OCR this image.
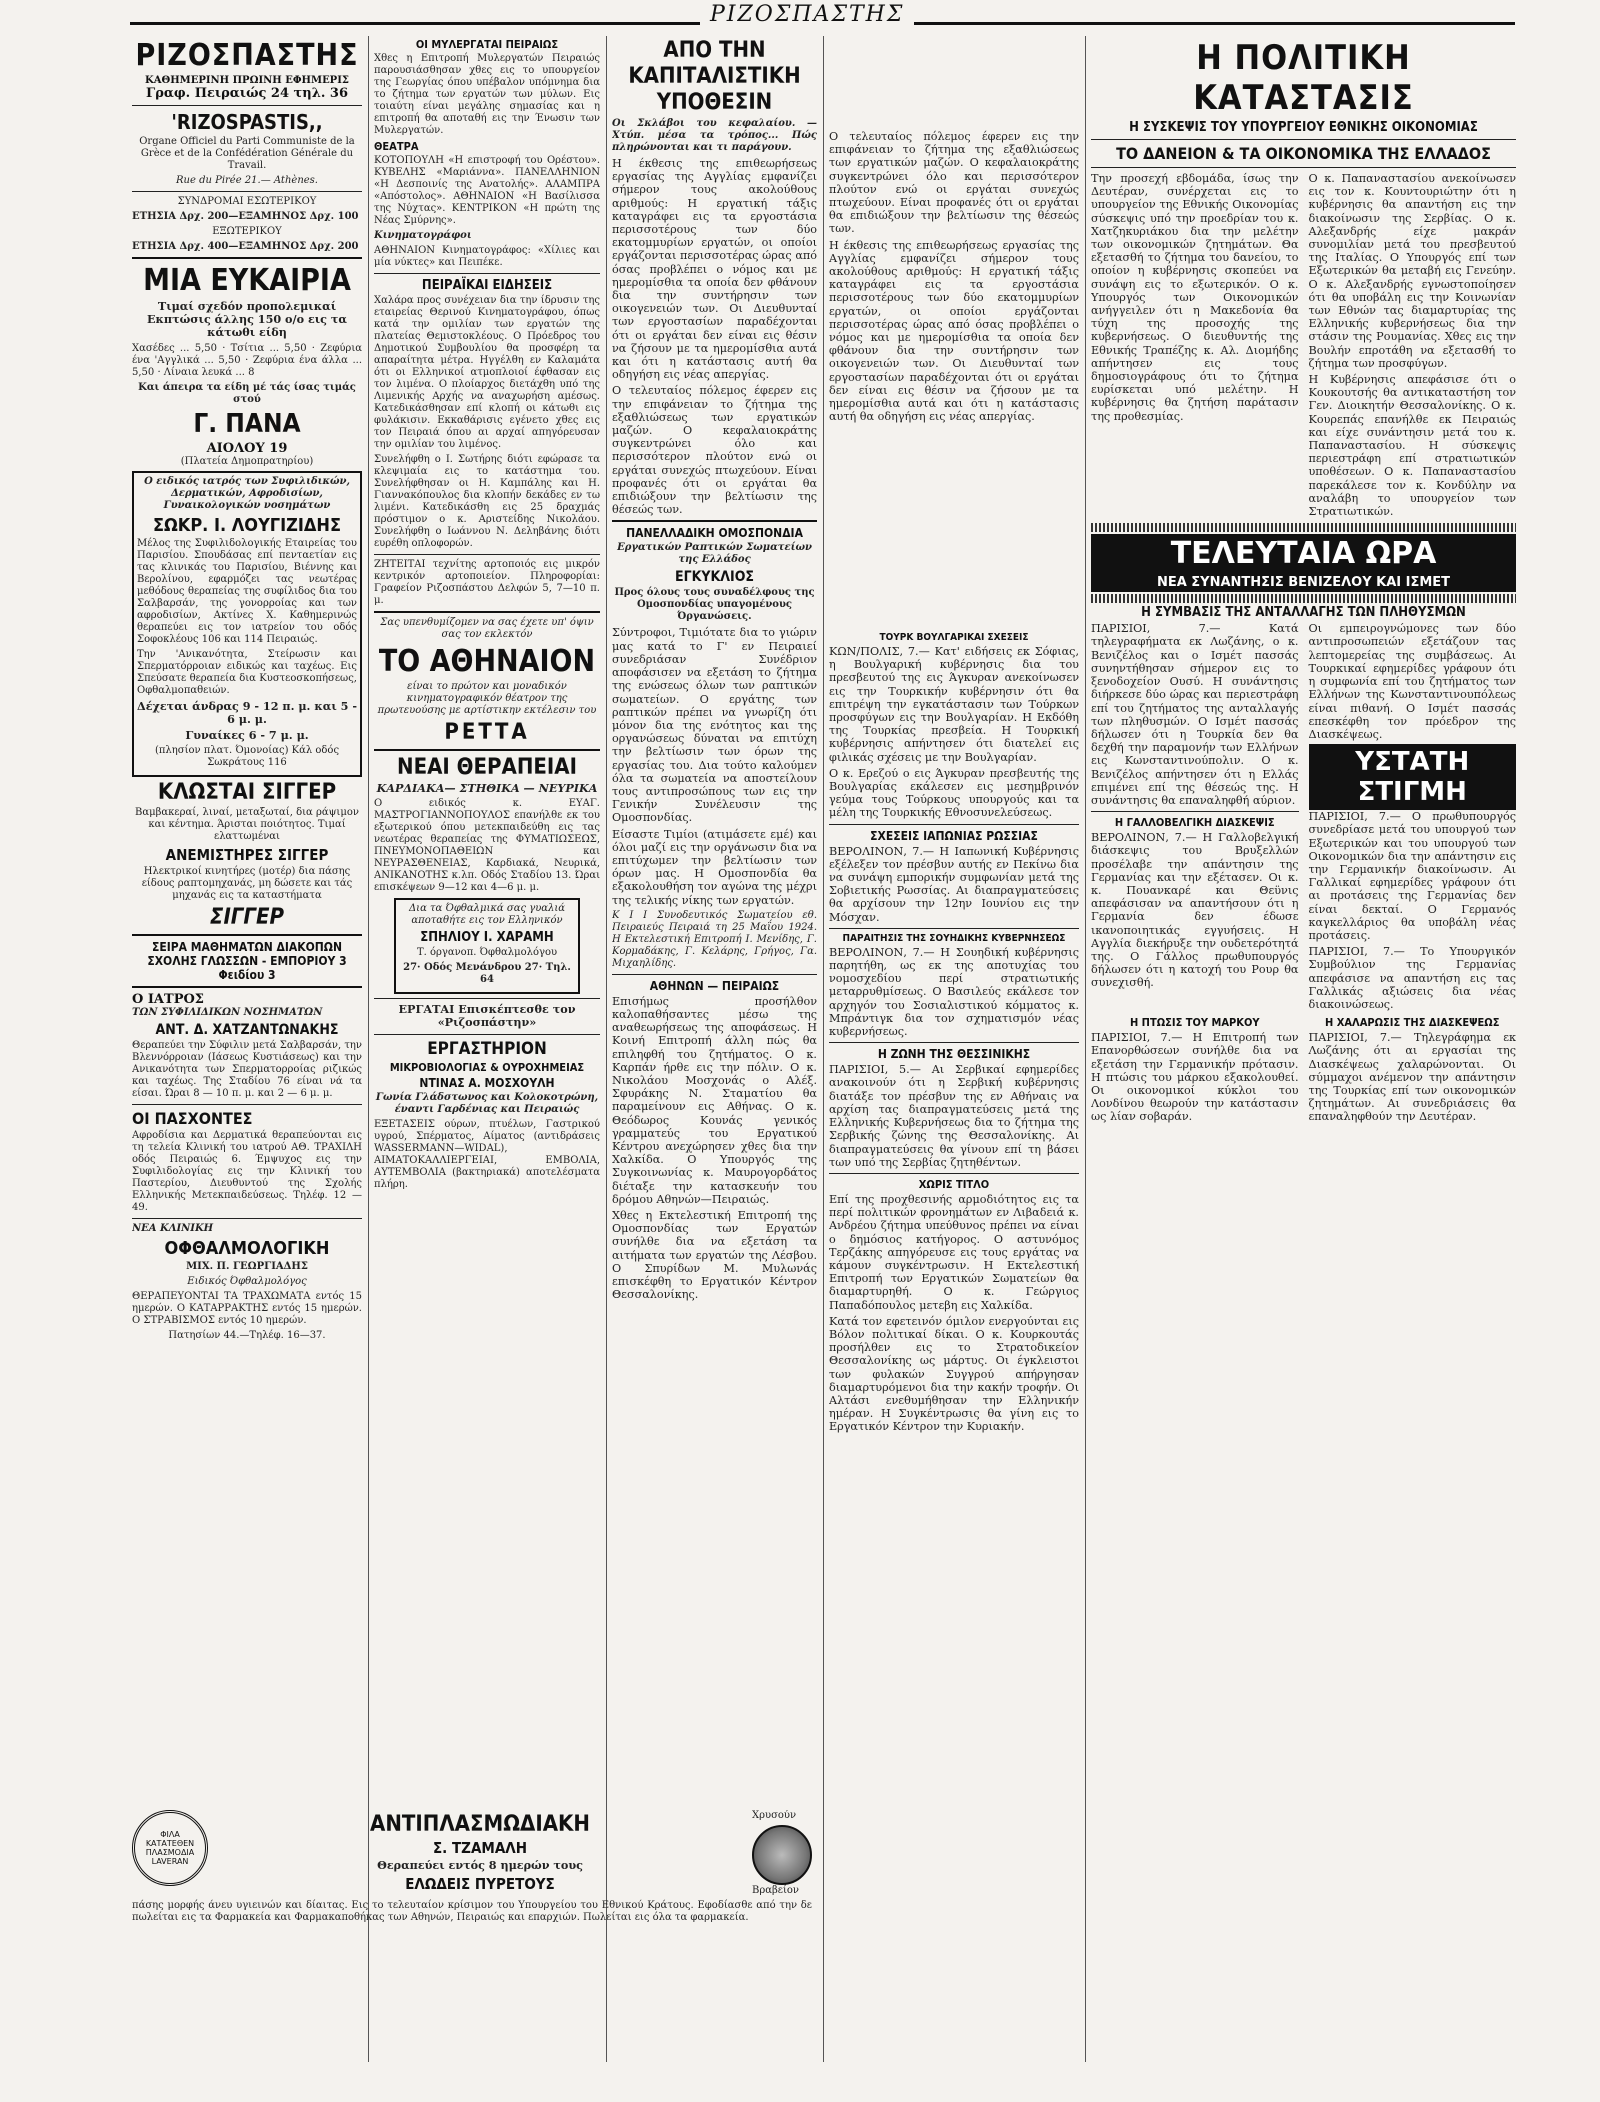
ΡΙΖΟΣΠΑΣΤΗΣ
ΡΙΖΟΣΠΑΣΤΗΣ
ΚΑΘΗΜΕΡΙΝΗ ΠΡΩΙΝΗ ΕΦΗΜΕΡΙΣ
Γραφ. Πειραιώς 24 τηλ. 36
'RIZOSPASTIS,,
Organe Officiel du Parti Communiste de la Grèce et de la Confédération Générale du Travail.
Rue du Pirée 21.— Athènes.
ΣΥΝΔΡΟΜΑΙ ΕΣΩΤΕΡΙΚΟΥ
ΕΤΗΣΙΑ Δρχ. 200—ΕΞΑΜΗΝΟΣ Δρχ. 100
ΕΞΩΤΕΡΙΚΟΥ
ΕΤΗΣΙΑ Δρχ. 400—ΕΞΑΜΗΝΟΣ Δρχ. 200
ΜΙΑ ΕΥΚΑΙΡΙΑ
Τιμαί σχεδόν προπολεμικαί Εκπτώσις άλλης 150 ο/ο εις τα κάτωθι είδη
Χασέδες ... 5,50 · Τσίτια ... 5,50 · Ζεφύρια ένα 'Αγγλικά ... 5,50 · Ζεφύρια ένα άλλα ... 5,50 · Λίναια λευκά ... 8
Και άπειρα τα είδη μέ τάς ίσας τιμάς στού
Γ. ΠΑΝΑ
ΑΙΟΛΟΥ 19
(Πλατεία Δημοπρατηρίου)
Ο ειδικός ιατρός των Συφιλιδικών, Δερματικών, Αφροδισίων, Γυναικολογικών νοσημάτων
ΣΩΚΡ. Ι. ΛΟΥΓΙΖΙΔΗΣ
Μέλος της Συφιλιδολογικής Εταιρείας του Παρισίου. Σπουδάσας επί πενταετίαν εις τας κλινικάς του Παρισίου, Βιέννης και Βερολίνου, εφαρμόζει τας νεωτέρας μεθόδους θεραπείας της συφίλιδος δια του Σαλβαρσάν, της γονορροίας και των αφροδισίων, Ακτίνες Χ. Καθημερινώς θεραπεύει εις τον ιατρείον του οδός Σοφοκλέους 106 και 114 Πειραιώς.
Την 'Ανικανότητα, Στείρωσιν και Σπερματόρροιαν ειδικώς και ταχέως. Εις Σπεύσατε θεραπεία δια Κυστεοσκοπήσεως, Οφθαλμοπαθειών.
Δέχεται άνδρας 9 - 12 π. μ. και 5 - 6 μ. μ.
Γυναίκες 6 - 7 μ. μ.
(πλησίον πλατ. Όμονοίας) Κάλ οδός Σωκράτους 116
ΚΛΩΣΤΑΙ ΣΙΓΓΕΡ
Βαμβακεραί, λιναί, μεταξωταί, δια ράψιμον και κέντημα. Άρισται ποιότητος. Τιμαί ελαττωμέναι
ΑΝΕΜΙΣΤΗΡΕΣ ΣΙΓΓΕΡ
Ηλεκτρικοί κινητήρες (μοτέρ) δια πάσης είδους ραπτομηχανάς, μη δώσετε και τάς μηχανάς εις τα καταστήματα
ΣΙΓΓΕΡ
ΣΕΙΡΑ ΜΑΘΗΜΑΤΩΝ ΔΙΑΚΟΠΩΝ ΣΧΟΛΗΣ ΓΛΩΣΣΩΝ - ΕΜΠΟΡΙΟΥ 3 Φειδίου 3
Ο ΙΑΤΡΟΣ
ΤΩΝ ΣΥΦΙΛΙΔΙΚΩΝ ΝΟΣΗΜΑΤΩΝ
ΑΝΤ. Δ. ΧΑΤΖΑΝΤΩΝΑΚΗΣ
Θεραπεύει την Σύφιλιν μετά Σαλβαρσάν, την Βλεννόρροιαν (Ιάσεως Κυστιάσεως) και την Ανικανότητα των Σπερματορροίας ριζικώς και ταχέως. Της Σταδίου 76 είναι νά τα είσαι. Ώραι 8 — 10 π. μ. και 2 — 6 μ. μ.
ΟΙ ΠΑΣΧΟΝΤΕΣ
Αφροδίσια και Δερματικά θεραπεύονται εις τη τελεία Κλινική του ιατρού ΑΘ. ΤΡΑΧΙΛΗ οδός Πειραιώς 6. Έμψυχος εις την Συφιλιδολογίας εις την Κλινική του Παστερίου, Διευθυντού της Σχολής Ελληνικής Μετεκπαιδεύσεως. Τηλέφ. 12 — 49.
ΝΕΑ ΚΛΙΝΙΚΗ
ΟΦΘΑΛΜΟΛΟΓΙΚΗ
ΜΙΧ. Π. ΓΕΩΡΓΙΑΔΗΣ
Ειδικός Όφθαλμολόγος
ΘΕΡΑΠΕΥΟΝΤΑΙ ΤΑ ΤΡΑΧΩΜΑΤΑ εντός 15 ημερών. Ο ΚΑΤΑΡΡΑΚΤΗΣ εντός 15 ημερών. Ο ΣΤΡΑΒΙΣΜΟΣ εντός 10 ημερών.
Πατησίων 44.—Τηλέφ. 16—37.
ΟΙ ΜΥΛΕΡΓΑΤΑΙ ΠΕΙΡΑΙΩΣ
Χθες η Επιτροπή Μυλεργατών Πειραιώς παρουσιάσθησαν χθες εις το υπουργείον της Γεωργίας όπου υπέβαλον υπόμνημα δια το ζήτημα των εργατών των μύλων. Εις τοιαύτη είναι μεγάλης σημασίας και η επιτροπή θα αποταθή εις την Ένωσιν των Μυλεργατών.
ΘΕΑΤΡΑ
ΚΟΤΟΠΟΥΛΗ «Η επιστροφή του Ορέστου». ΚΥΒΕΛΗΣ «Μαριάννα». ΠΑΝΕΛΛΗΝΙΟΝ «Η Δεσποινίς της Ανατολής». ΑΛΑΜΠΡΑ «Απόστολος». ΑΘΗΝΑΙΟΝ «Η Βασίλισσα της Νύχτας». ΚΕΝΤΡΙΚΟΝ «Η πρώτη της Νέας Σμύρνης».
Κινηματογράφοι
ΑΘΗΝΑΙΟΝ Κινηματογράφος: «Χίλιες και μία νύκτες» και Πειπέκε.
ΠΕΙΡΑΪΚΑΙ ΕΙΔΗΣΕΙΣ
Χαλάρα προς συνέχειαν δια την ίδρυσιν της εταιρείας Θερινού Κινηματογράφου, όπως κατά την ομιλίαν των εργατών της πλατείας Θεμιστοκλέους. Ο Πρόεδρος του Δημοτικού Συμβουλίου θα προσφέρη τα απαραίτητα μέτρα. Ηγγέλθη εν Καλαμάτα ότι οι Ελληνικοί ατμοπλοιοί έφθασαν εις τον λιμένα. Ο πλοίαρχος διετάχθη υπό της Λιμενικής Αρχής να αναχωρήση αμέσως. Κατεδικάσθησαν επί κλοπή οι κάτωθι εις φυλάκισιν. Εκκαθάρισις εγένετο χθες εις τον Πειραιά όπου αι αρχαί απηγόρευσαν την ομιλίαν του λιμένος.
Συνελήφθη ο Ι. Σωτήρης διότι εφώρασε τα κλεψιμαία εις το κατάστημα του. Συνελήφθησαν οι Η. Καμπάλης και Η. Γιαννακόπουλος δια κλοπήν δεκάδες εν τω λιμένι. Κατεδικάσθη εις 25 δραχμάς πρόστιμον ο κ. Αριστείδης Νικολάου. Συνελήφθη ο Ιωάννου Ν. Δεληβάνης διότι ευρέθη οπλοφορών.
ΖΗΤΕΙΤΑΙ τεχνίτης αρτοποιός εις μικρόν κεντρικόν αρτοποιείον. Πληροφορίαι: Γραφείον Ριζοσπάστου Δελφών 5, 7—10 π. μ.
Σας υπενθυμίζομεν να σας έχετε υπ' όψιν σας τον εκλεκτόν
ΤΟ ΑΘΗΝΑΙΟΝ
είναι το πρώτον και μοναδικόν κινηματογραφικόν θέατρον της πρωτευούσης με αρτίστικην εκτέλεσιν του
ΡΕΤΤΑ
ΝΕΑΙ ΘΕΡΑΠΕΙΑΙ
ΚΑΡΔΙΑΚΑ— ΣΤΗΘΙΚΑ — ΝΕΥΡΙΚΑ
Ο ειδικός κ. ΕΥΑΓ. ΜΑΣΤΡΟΓΙΑΝΝΟΠΟΥΛΟΣ επανήλθε εκ του εξωτερικού όπου μετεκπαιδεύθη εις τας νεωτέρας θεραπείας της ΦΥΜΑΤΙΩΣΕΩΣ, ΠΝΕΥΜΟΝΟΠΑΘΕΙΩΝ και ΝΕΥΡΑΣΘΕΝΕΙΑΣ, Καρδιακά, Νευρικά, ΑΝΙΚΑΝΟΤΗΣ κ.λπ. Οδός Σταδίου 13. Ώραι επισκέψεων 9—12 και 4—6 μ. μ.
Δια τα Όφθαλμικά σας γυαλιά αποταθήτε εις τον Ελληνικόν
ΣΠΗΛΙΟΥ Ι. ΧΑΡΑΜΗ
Τ. όργανοπ. Όφθαλμολόγου
27· Οδός Μενάνδρου 27· Τηλ. 64
ΕΡΓΑΤΑΙ Επισκέπτεσθε τον «Ριζοσπάστην»
ΕΡΓΑΣΤΗΡΙΟΝ
ΜΙΚΡΟΒΙΟΛΟΓΙΑΣ & ΟΥΡΟΧΗΜΕΙΑΣ
ΝΤΙΝΑΣ Α. ΜΟΣΧΟΥΛΗ
Γωνία Γλάδστωνος και Κολοκοτρώνη, έναντι Γαρδένιας και Πειραιώς
ΕΞΕΤΑΣΕΙΣ ούρων, πτυέλων, Γαστρικού υγρού, Σπέρματος, Αίματος (αντιδράσεις WASSERMANN—WIDAL), ΑΙΜΑΤΟΚΑΛΛΙΕΡΓΕΙΑΙ, ΕΜΒΟΛΙΑ, ΑΥΤΕΜΒΟΛΙΑ (βακτηριακά) αποτελέσματα πλήρη.
ΑΠΟ ΤΗΝ ΚΑΠΙΤΑΛΙΣΤΙΚΗ ΥΠΟΘΕΣΙΝ
Οι Σκλάβοι του κεφαλαίου. — Χτύπ. μέσα τα τρόπος... Πώς πληρώνονται και τι παράγουν.
Η έκθεσις της επιθεωρήσεως εργασίας της Αγγλίας εμφανίζει σήμερον τους ακολούθους αριθμούς: Η εργατική τάξις καταγράφει εις τα εργοστάσια περισσοτέρους των δύο εκατομμυρίων εργατών, οι οποίοι εργάζονται περισσοτέρας ώρας από όσας προβλέπει ο νόμος και με ημερομίσθια τα οποία δεν φθάνουν δια την συντήρησιν των οικογενειών των. Οι Διευθυνταί των εργοστασίων παραδέχονται ότι οι εργάται δεν είναι εις θέσιν να ζήσουν με τα ημερομίσθια αυτά και ότι η κατάστασις αυτή θα οδηγήση εις νέας απεργίας.
Ο τελευταίος πόλεμος έφερεν εις την επιφάνειαν το ζήτημα της εξαθλιώσεως των εργατικών μαζών. Ο κεφαλαιοκράτης συγκεντρώνει όλο και περισσότερον πλούτον ενώ οι εργάται συνεχώς πτωχεύουν. Είναι προφανές ότι οι εργάται θα επιδιώξουν την βελτίωσιν της θέσεώς των.
ΠΑΝΕΛΛΑΔΙΚΗ ΟΜΟΣΠΟΝΔΙΑ
Εργατικών Ραπτικών Σωματείων της Ελλάδος
ΕΓΚΥΚΛΙΟΣ
Προς όλους τους συναδέλφους της Ομοσπονδίας υπαγομένους Όργανώσεις.
Σύντροφοι, Τιμιότατε δια το γιώριν μας κατά το Γ' εν Πειραιεί συνεδριάσαν Συνέδριον αποφάσισεν να εξετάση το ζήτημα της ενώσεως όλων των ραπτικών σωματείων. Ο εργάτης των ραπτικών πρέπει να γνωρίζη ότι μόνον δια της ενότητος και της οργανώσεως δύναται να επιτύχη την βελτίωσιν των όρων της εργασίας του. Δια τούτο καλούμεν όλα τα σωματεία να αποστείλουν τους αντιπροσώπους των εις την Γενικήν Συνέλευσιν της Ομοσπονδίας.
Είσαστε Τιμίοι (ατιμάσετε εμέ) και όλοι μαζί εις την οργάνωσιν δια να επιτύχωμεν την βελτίωσιν των όρων μας. Η Ομοσπονδία θα εξακολουθήση τον αγώνα της μέχρι της τελικής νίκης των εργατών.
Κ Ι Ι Συνοδευτικός Σωματείου εθ. Πειραιεύς Πειραιά τη 25 Μαΐου 1924. Η Εκτελεστική Επιτροπή Ι. Μενίδης, Γ. Κορμαδάκης, Γ. Κελάρης, Γρήγος, Γα. Μιχαηλίδης.
ΑΘΗΝΩΝ — ΠΕΙΡΑΙΩΣ
Επισήμως προσήλθον καλοπαθήσαντες μέσω της αναθεωρήσεως της αποφάσεως. Η Κοινή Επιτροπή άλλη πώς θα επιληφθή του ζητήματος. Ο κ. Καρπάν ήρθε εις την πόλιν. Ο κ. Νικολάου Μοσχονάς ο Αλέξ. Σφυράκης Ν. Σταματίου θα παραμείνουν εις Αθήνας. Ο κ. Θεόδωρος Κουνάς γενικός γραμματεύς του Εργατικού Κέντρου ανεχώρησεν χθες δια την Χαλκίδα. Ο Υπουργός της Συγκοινωνίας κ. Μαυρογορδάτος διέταξε την κατασκευήν του δρόμου Αθηνών—Πειραιώς.
Χθες η Εκτελεστική Επιτροπή της Ομοσπονδίας των Εργατών συνήλθε δια να εξετάση τα αιτήματα των εργατών της Λέσβου. Ο Σπυρίδων Μ. Μυλωνάς επισκέφθη το Εργατικόν Κέντρον Θεσσαλονίκης.
ΤΟΥΡΚ ΒΟΥΛΓΑΡΙΚΑΙ ΣΧΕΣΕΙΣ
ΚΩΝ/ΠΟΛΙΣ, 7.— Κατ' ειδήσεις εκ Σόφιας, η Βουλγαρική κυβέρνησις δια του πρεσβευτού της εις Άγκυραν ανεκοίνωσεν εις την Τουρκικήν κυβέρνησιν ότι θα επιτρέψη την εγκατάστασιν των Τούρκων προσφύγων εις την Βουλγαρίαν. Η Εκδόθη της Τουρκίας πρεσβεία. Η Τουρκική κυβέρνησις απήντησεν ότι διατελεί εις φιλικάς σχέσεις με την Βουλγαρίαν.
Ο κ. Ερεζού ο εις Άγκυραν πρεσβευτής της Βουλγαρίας εκάλεσεν εις μεσημβρινόν γεύμα τους Τούρκους υπουργούς και τα μέλη της Τουρκικής Εθνοσυνελεύσεως.
ΣΧΕΣΕΙΣ ΙΑΠΩΝΙΑΣ ΡΩΣΣΙΑΣ
ΒΕΡΟΛΙΝΟΝ, 7.— Η Ιαπωνική Κυβέρνησις εξέλεξεν τον πρέσβυν αυτής εν Πεκίνω δια να συνάψη εμπορικήν συμφωνίαν μετά της Σοβιετικής Ρωσσίας. Αι διαπραγματεύσεις θα αρχίσουν την 12ην Ιουνίου εις την Μόσχαν.
ΠΑΡΑΙΤΗΣΙΣ ΤΗΣ ΣΟΥΗΔΙΚΗΣ ΚΥΒΕΡΝΗΣΕΩΣ
ΒΕΡΟΛΙΝΟΝ, 7.— Η Σουηδική κυβέρνησις παρητήθη, ως εκ της αποτυχίας του νομοσχεδίου περί στρατιωτικής μεταρρυθμίσεως. Ο Βασιλεύς εκάλεσε τον αρχηγόν του Σοσιαλιστικού κόμματος κ. Μπράντιγκ δια τον σχηματισμόν νέας κυβερνήσεως.
Η ΖΩΝΗ ΤΗΣ ΘΕΣΣΙΝΙΚΗΣ
ΠΑΡΙΣΙΟΙ, 5.— Αι Σερβικαί εφημερίδες ανακοινούν ότι η Σερβική κυβέρνησις διατάξε τον πρέσβυν της εν Αθήναις να αρχίση τας διαπραγματεύσεις μετά της Ελληνικής Κυβερνήσεως δια το ζήτημα της Σερβικής ζώνης της Θεσσαλονίκης. Αι διαπραγματεύσεις θα γίνουν επί τη βάσει των υπό της Σερβίας ζητηθέντων.
ΧΩΡΙΣ ΤΙΤΛΟ
Επί της προχθεσινής αρμοδιότητος εις τα περί πολιτικών φρονημάτων εν Λιβαδειά κ. Ανδρέου ζήτημα υπεύθυνος πρέπει να είναι ο δημόσιος κατήγορος. Ο αστυνόμος Τερζάκης απηγόρευσε εις τους εργάτας να κάμουν συγκέντρωσιν. Η Εκτελεστική Επιτροπή των Εργατικών Σωματείων θα διαμαρτυρηθή. Ο κ. Γεώργιος Παπαδόπουλος μετεβη εις Χαλκίδα.
Κατά τον εφετεινόν όμιλον ενεργούνται εις Βόλον πολιτικαί δίκαι. Ο κ. Κουρκουτάς προσήλθεν εις το Στρατοδικείον Θεσσαλονίκης ως μάρτυς. Οι έγκλειστοι των φυλακών Συγγρού απήργησαν διαμαρτυρόμενοι δια την κακήν τροφήν. Οι Αλτάσι ενεθυμήθησαν την Ελληνικήν ημέραν. Η Συγκέντρωσις θα γίνη εις το Εργατικόν Κέντρον την Κυριακήν.
Ο τελευταίος πόλεμος έφερεν εις την επιφάνειαν το ζήτημα της εξαθλιώσεως των εργατικών μαζών. Ο κεφαλαιοκράτης συγκεντρώνει όλο και περισσότερον πλούτον ενώ οι εργάται συνεχώς πτωχεύουν. Είναι προφανές ότι οι εργάται θα επιδιώξουν την βελτίωσιν της θέσεώς των.
Η έκθεσις της επιθεωρήσεως εργασίας της Αγγλίας εμφανίζει σήμερον τους ακολούθους αριθμούς: Η εργατική τάξις καταγράφει εις τα εργοστάσια περισσοτέρους των δύο εκατομμυρίων εργατών, οι οποίοι εργάζονται περισσοτέρας ώρας από όσας προβλέπει ο νόμος και με ημερομίσθια τα οποία δεν φθάνουν δια την συντήρησιν των οικογενειών των. Οι Διευθυνταί των εργοστασίων παραδέχονται ότι οι εργάται δεν είναι εις θέσιν να ζήσουν με τα ημερομίσθια αυτά και ότι η κατάστασις αυτή θα οδηγήση εις νέας απεργίας.
Η ΠΟΛΙΤΙΚΗ ΚΑΤΑΣΤΑΣΙΣ
Η ΣΥΣΚΕΨΙΣ ΤΟΥ ΥΠΟΥΡΓΕΙΟΥ ΕΘΝΙΚΗΣ ΟΙΚΟΝΟΜΙΑΣ
ΤΟ ΔΑΝΕΙΟΝ & ΤΑ ΟΙΚΟΝΟΜΙΚΑ ΤΗΣ ΕΛΛΑΔΟΣ
Την προσεχή εβδομάδα, ίσως την Δευτέραν, συνέρχεται εις το υπουργείον της Εθνικής Οικονομίας σύσκεψις υπό την προεδρίαν του κ. Χατζηκυριάκου δια την μελέτην των οικονομικών ζητημάτων. Θα εξετασθή το ζήτημα του δανείου, το οποίον η κυβέρνησις σκοπεύει να συνάψη εις το εξωτερικόν. Ο κ. Υπουργός των Οικονομικών ανήγγειλεν ότι η Μακεδονία θα τύχη της προσοχής της κυβερνήσεως. Ο διευθυντής της Εθνικής Τραπέζης κ. Αλ. Διομήδης απήντησεν εις τους δημοσιογράφους ότι το ζήτημα ευρίσκεται υπό μελέτην. Η κυβέρνησις θα ζητήση παράτασιν της προθεσμίας.
Ο κ. Παπαναστασίου ανεκοίνωσεν εις τον κ. Κουντουριώτην ότι η κυβέρνησις θα απαντήση εις την διακοίνωσιν της Σερβίας. Ο κ. Αλεξανδρής είχε μακράν συνομιλίαν μετά του πρεσβευτού της Ιταλίας. Ο Υπουργός επί των Εξωτερικών θα μεταβή εις Γενεύην. Ο κ. Αλεξανδρής εγνωστοποίησεν ότι θα υποβάλη εις την Κοινωνίαν των Εθνών τας διαμαρτυρίας της Ελληνικής κυβερνήσεως δια την στάσιν της Ρουμανίας. Χθες εις την Βουλήν επροτάθη να εξετασθή το ζήτημα των προσφύγων.
Η Κυβέρνησις απεφάσισε ότι ο Κουκουτσής θα αντικαταστήση τον Γεν. Διοικητήν Θεσσαλονίκης. Ο κ. Κουρεπάς επανήλθε εκ Πειραιώς και είχε συνάντησιν μετά του κ. Παπαναστασίου. Η σύσκεψις περιεστράφη επί στρατιωτικών υποθέσεων. Ο κ. Παπαναστασίου παρεκάλεσε τον κ. Κονδύλην να αναλάβη το υπουργείον των Στρατιωτικών.
ΤΕΛΕΥΤΑΙΑ ΩΡΑ
ΝΕΑ ΣΥΝΑΝΤΗΣΙΣ ΒΕΝΙΖΕΛΟΥ ΚΑΙ ΙΣΜΕΤ
Η ΣΥΜΒΑΣΙΣ ΤΗΣ ΑΝΤΑΛΛΑΓΗΣ ΤΩΝ ΠΛΗΘΥΣΜΩΝ
ΠΑΡΙΣΙΟΙ, 7.— Κατά τηλεγραφήματα εκ Λωζάνης, ο κ. Βενιζέλος και ο Ισμέτ πασσάς συνηντήθησαν σήμερον εις το ξενοδοχείον Ουσύ. Η συνάντησις διήρκεσε δύο ώρας και περιεστράφη επί του ζητήματος της ανταλλαγής των πληθυσμών. Ο Ισμέτ πασσάς δήλωσεν ότι η Τουρκία δεν θα δεχθή την παραμονήν των Ελλήνων εις Κωνσταντινούπολιν. Ο κ. Βενιζέλος απήντησεν ότι η Ελλάς επιμένει επί της θέσεώς της. Η συνάντησις θα επαναληφθή αύριον.
Η ΓΑΛΛΟΒΕΛΓΙΚΗ ΔΙΑΣΚΕΨΙΣ
ΒΕΡΟΛΙΝΟΝ, 7.— Η Γαλλοβελγική διάσκεψις του Βρυξελλών προσέλαβε την απάντησιν της Γερμανίας και την εξέτασεν. Οι κ. κ. Πουανκαρέ και Θεϋνις απεφάσισαν να απαντήσουν ότι η Γερμανία δεν έδωσε ικανοποιητικάς εγγυήσεις. Η Αγγλία διεκήρυξε την ουδετερότητά της. Ο Γάλλος πρωθυπουργός δήλωσεν ότι η κατοχή του Ρουρ θα συνεχισθή.
Οι εμπειρογνώμονες των δύο αντιπροσωπειών εξετάζουν τας λεπτομερείας της συμβάσεως. Αι Τουρκικαί εφημερίδες γράφουν ότι η συμφωνία επί του ζητήματος των Ελλήνων της Κωνσταντινουπόλεως είναι πιθανή. Ο Ισμέτ πασσάς επεσκέφθη τον πρόεδρον της Διασκέψεως.
ΥΣΤΑΤΗ ΣΤΙΓΜΗ
ΠΑΡΙΣΙΟΙ, 7.— Ο πρωθυπουργός συνεδρίασε μετά του υπουργού των Εξωτερικών και του υπουργού των Οικονομικών δια την απάντησιν εις την Γερμανικήν διακοίνωσιν. Αι Γαλλικαί εφημερίδες γράφουν ότι αι προτάσεις της Γερμανίας δεν είναι δεκταί. Ο Γερμανός καγκελλάριος θα υποβάλη νέας προτάσεις.
ΠΑΡΙΣΙΟΙ, 7.— Το Υπουργικόν Συμβούλιον της Γερμανίας απεφάσισε να απαντήση εις τας Γαλλικάς αξιώσεις δια νέας διακοινώσεως.
Η ΠΤΩΣΙΣ ΤΟΥ ΜΑΡΚΟΥ
ΠΑΡΙΣΙΟΙ, 7.— Η Επιτροπή των Επανορθώσεων συνήλθε δια να εξετάση την Γερμανικήν πρότασιν. Η πτώσις του μάρκου εξακολουθεί. Οι οικονομικοί κύκλοι του Λονδίνου θεωρούν την κατάστασιν ως λίαν σοβαράν.
Η ΧΑΛΑΡΩΣΙΣ ΤΗΣ ΔΙΑΣΚΕΨΕΩΣ
ΠΑΡΙΣΙΟΙ, 7.— Τηλεγράφημα εκ Λωζάνης ότι αι εργασίαι της Διασκέψεως χαλαρώνονται. Οι σύμμαχοι ανέμενον την απάντησιν της Τουρκίας επί των οικονομικών ζητημάτων. Αι συνεδριάσεις θα επαναληφθούν την Δευτέραν.
ΦΙΛΑ ΚΑΤΑΤΕΘΕΝ ΠΛΑΣΜΟΔΙΑ LAVERAN
ΑΝΤΙΠΛΑΣΜΩΔΙΑΚΗ
Σ. ΤΖΑΜΑΛΗ
Θεραπεύει εντός 8 ημερών τους
ΕΛΩΔΕΙΣ ΠΥΡΕΤΟΥΣ
Χρυσούν
Βραβείον
πάσης μορφής άνευ υγιεινών και δίαιτας. Εις το τελευταίον κρίσιμον του Υπουργείου του Εθνικού Κράτους. Εφοδίασθε από την δε πωλείται εις τα Φαρμακεία και Φαρμακαποθήκας των Αθηνών, Πειραιώς και επαρχιών. Πωλείται εις όλα τα φαρμακεία.
